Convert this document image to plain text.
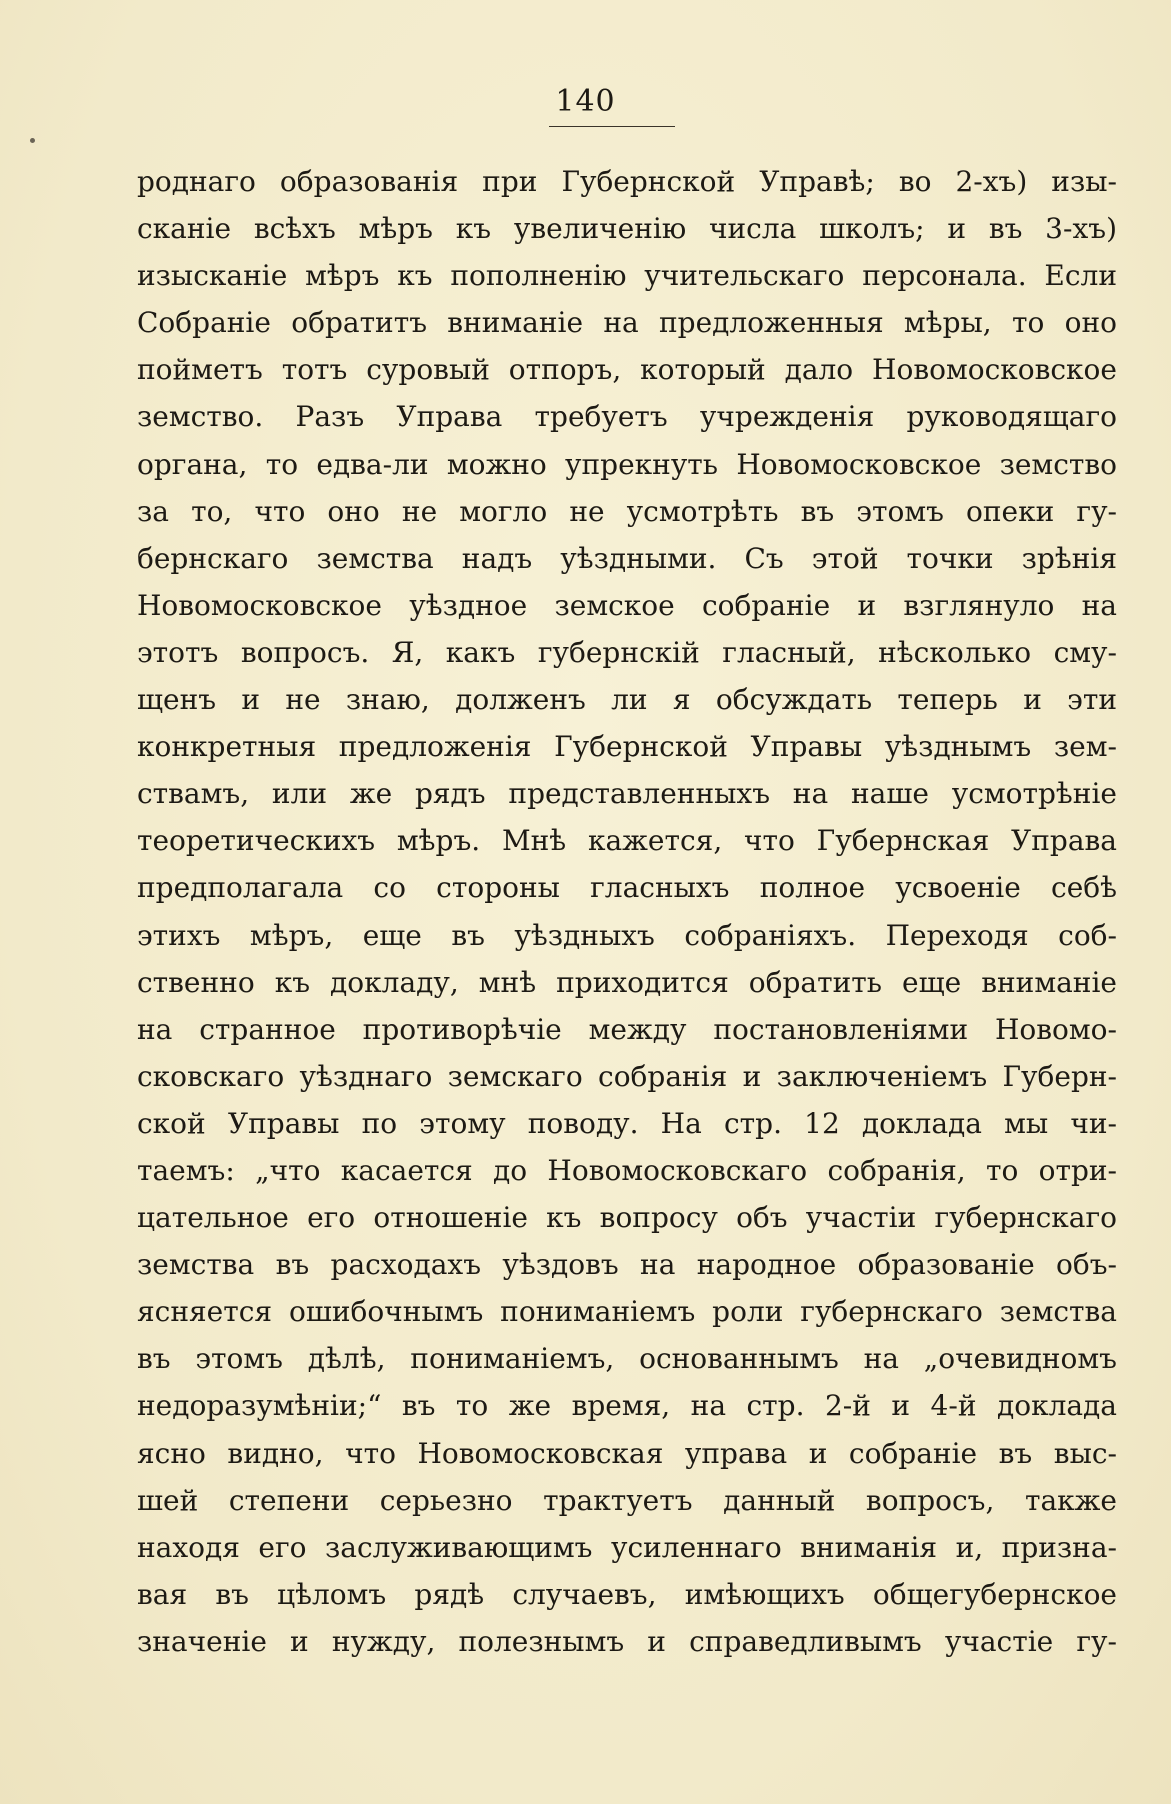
140
роднаго образованія при Губернской Управѣ; во 2-хъ) изы-
сканіе всѣхъ мѣръ къ увеличенію числа школъ; и въ 3-хъ)
изысканіе мѣръ къ пополненію учительскаго персонала. Если
Собраніе обратитъ вниманіе на предложенныя мѣры, то оно
пойметъ тотъ суровый отпоръ, который дало Новомосковское
земство. Разъ Управа требуетъ учрежденія руководящаго
органа, то едва-ли можно упрекнуть Новомосковское земство
за то, что оно не могло не усмотрѣть въ этомъ опеки гу-
бернскаго земства надъ уѣздными. Съ этой точки зрѣнія
Новомосковское уѣздное земское собраніе и взглянуло на
этотъ вопросъ. Я, какъ губернскій гласный, нѣсколько сму-
щенъ и не знаю, долженъ ли я обсуждать теперь и эти
конкретныя предложенія Губернской Управы уѣзднымъ зем-
ствамъ, или же рядъ представленныхъ на наше усмотрѣніе
теоретическихъ мѣръ. Мнѣ кажется, что Губернская Управа
предполагала со стороны гласныхъ полное усвоеніе себѣ
этихъ мѣръ, еще въ уѣздныхъ собраніяхъ. Переходя соб-
ственно къ докладу, мнѣ приходится обратить еще вниманіе
на странное противорѣчіе между постановленіями Новомо-
сковскаго уѣзднаго земскаго собранія и заключеніемъ Губерн-
ской Управы по этому поводу. На стр. 12 доклада мы чи-
таемъ: „что касается до Новомосковскаго собранія, то отри-
цательное его отношеніе къ вопросу объ участіи губернскаго
земства въ расходахъ уѣздовъ на народное образованіе объ-
ясняется ошибочнымъ пониманіемъ роли губернскаго земства
въ этомъ дѣлѣ, пониманіемъ, основаннымъ на „очевидномъ
недоразумѣніи;“ въ то же время, на стр. 2-й и 4-й доклада
ясно видно, что Новомосковская управа и собраніе въ выс-
шей степени серьезно трактуетъ данный вопросъ, также
находя его заслуживающимъ усиленнаго вниманія и, призна-
вая въ цѣломъ рядѣ случаевъ, имѣющихъ общегубернское
значеніе и нужду, полезнымъ и справедливымъ участіе гу-
